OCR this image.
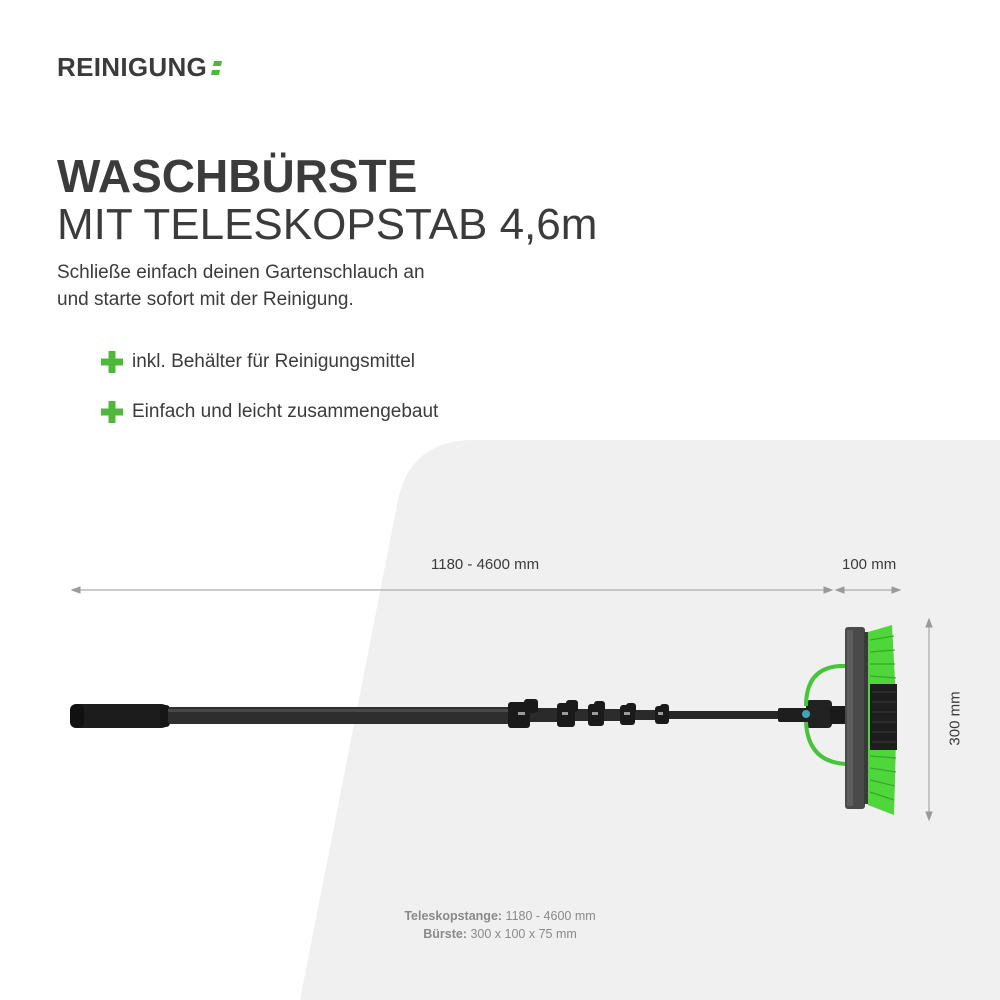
REINIGUNG
WASCHBÜRSTE
MIT TELESKOPSTAB 4,6m
Schließe einfach deinen Gartenschlauch an
und starte sofort mit der Reinigung.
inkl. Behälter für Reinigungsmittel
Einfach und leicht zusammengebaut
1180 - 4600 mm	100 mm
300 mm
Teleskopstange: 1180 - 4600 mm
Bürste: 300 x 100 x 75 mm
